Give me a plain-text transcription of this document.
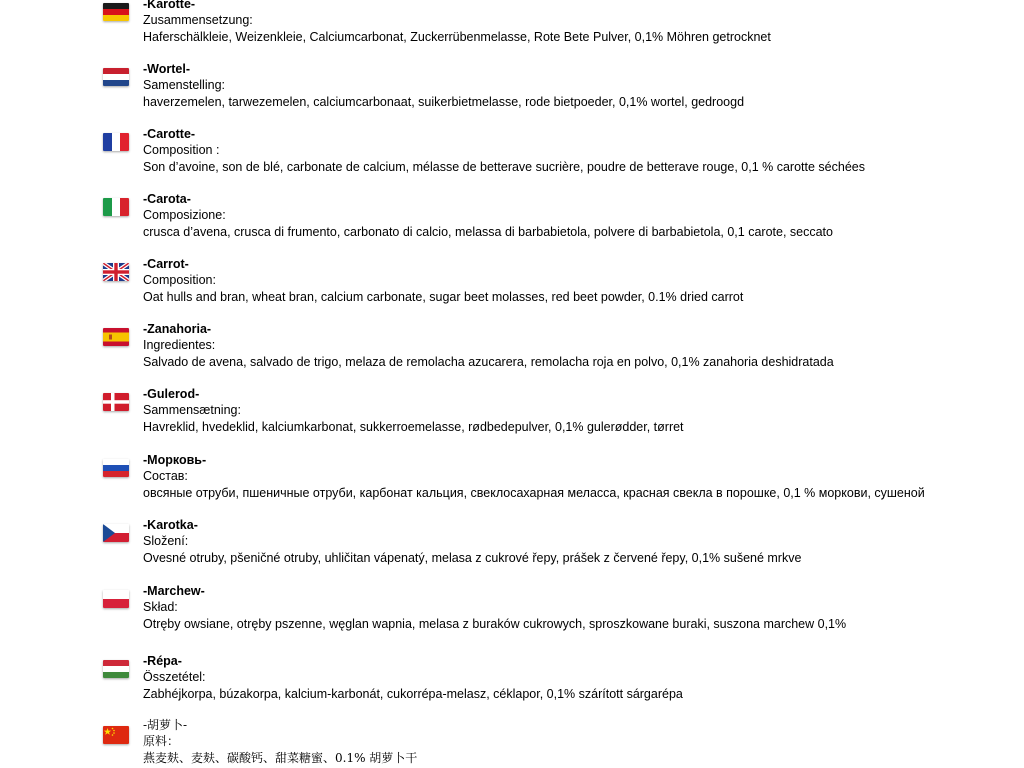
-Karotte-
Zusammensetzung:
Haferschälkleie, Weizenkleie, Calciumcarbonat, Zuckerrübenmelasse, Rote Bete Pulver, 0,1% Möhren getrocknet
-Wortel-
Samenstelling:
haverzemelen, tarwezemelen, calciumcarbonaat, suikerbietmelasse, rode bietpoeder, 0,1% wortel, gedroogd
-Carotte-
Composition :
Son d’avoine, son de blé, carbonate de calcium, mélasse de betterave sucrière, poudre de betterave rouge, 0,1 % carotte séchées
-Carota-
Composizione:
crusca d’avena, crusca di frumento, carbonato di calcio, melassa di barbabietola, polvere di barbabietola, 0,1 carote, seccato
-Carrot-
Composition:
Oat hulls and bran, wheat bran, calcium carbonate, sugar beet molasses, red beet powder, 0.1% dried carrot
-Zanahoria-
Ingredientes:
Salvado de avena, salvado de trigo, melaza de remolacha azucarera, remolacha roja en polvo, 0,1% zanahoria deshidratada
-Gulerod-
Sammensætning:
Havreklid, hvedeklid, kalciumkarbonat, sukkerroemelasse, rødbedepulver, 0,1% gulerødder, tørret
-Морковь-
Состав:
овсяные отруби, пшеничные отруби, карбонат кальция, свеклосахарная меласса, красная свекла в порошке, 0,1 % моркови, сушеной
-Karotka-
Složení:
Ovesné otruby, pšeničné otruby, uhličitan vápenatý, melasa z cukrové řepy, prášek z červené řepy, 0,1% sušené mrkve
-Marchew-
Skład:
Otręby owsiane, otręby pszenne, węglan wapnia, melasa z buraków cukrowych, sproszkowane buraki, suszona marchew 0,1%
-Répa-
Összetétel:
Zabhéjkorpa, búzakorpa, kalcium-karbonát, cukorrépa-melasz, céklapor, 0,1% szárított sárgarépa
-胡萝卜-
原料：
燕麦麸、麦麸、碳酸钙、甜菜糖蜜、0.1% 胡萝卜干
